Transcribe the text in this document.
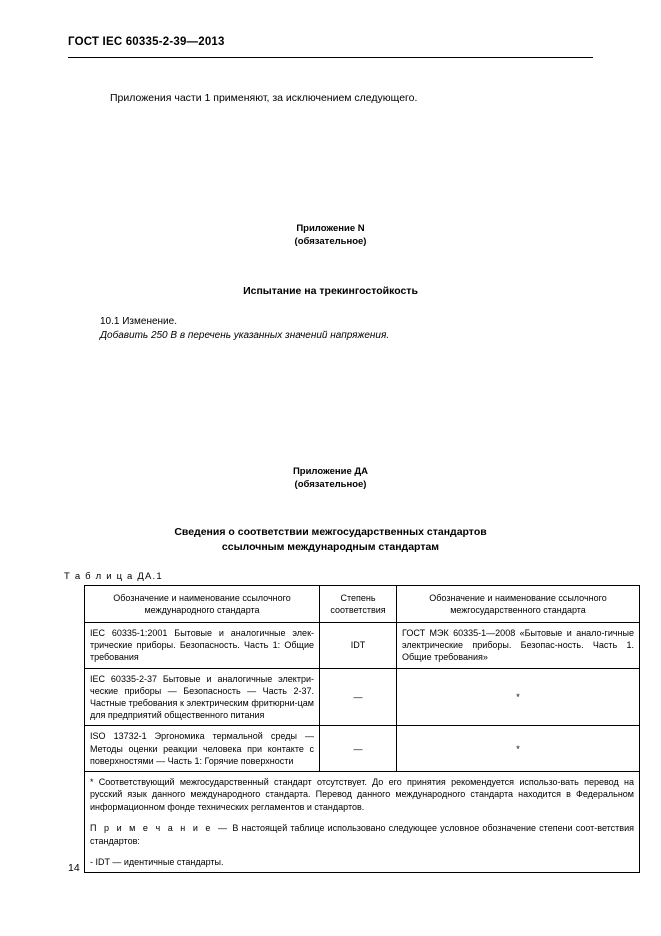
ГОСТ IEC 60335-2-39—2013
Приложения части 1 применяют, за исключением следующего.
Приложение N
(обязательное)
Испытание на трекингостойкость
10.1 Изменение.
Добавить 250 В в перечень указанных значений напряжения.
Приложение ДА
(обязательное)
Сведения о соответствии межгосударственных стандартов
ссылочным международным стандартам
Т а б л и ц а ДА.1
Обозначение и наименование ссылочного международного стандарта	Степень соответствия	Обозначение и наименование ссылочного межгосударственного стандарта
IEC 60335-1:2001 Бытовые и аналогичные элек-трические приборы. Безопасность. Часть 1: Общие требования	IDT	ГОСТ МЭК 60335-1—2008 «Бытовые и анало-гичные электрические приборы. Безопас-ность. Часть 1. Общие требования»
IEC 60335-2-37 Бытовые и аналогичные электри-ческие приборы — Безопасность — Часть 2-37. Частные требования к электрическим фритюрни-цам для предприятий общественного питания	—	*
ISO 13732-1 Эргономика термальной среды — Методы оценки реакции человека при контакте с поверхностями — Часть 1: Горячие поверхности	—	*

* Соответствующий межгосударственный стандарт отсутствует. До его принятия рекомендуется использо-вать перевод на русский язык данного международного стандарта. Перевод данного международного стандарта находится в Федеральном информационном фонде технических регламентов и стандартов.

П р и м е ч а н и е — В настоящей таблице использовано следующее условное обозначение степени соот-ветствия стандартов:

- IDT — идентичные стандарты.		

14
